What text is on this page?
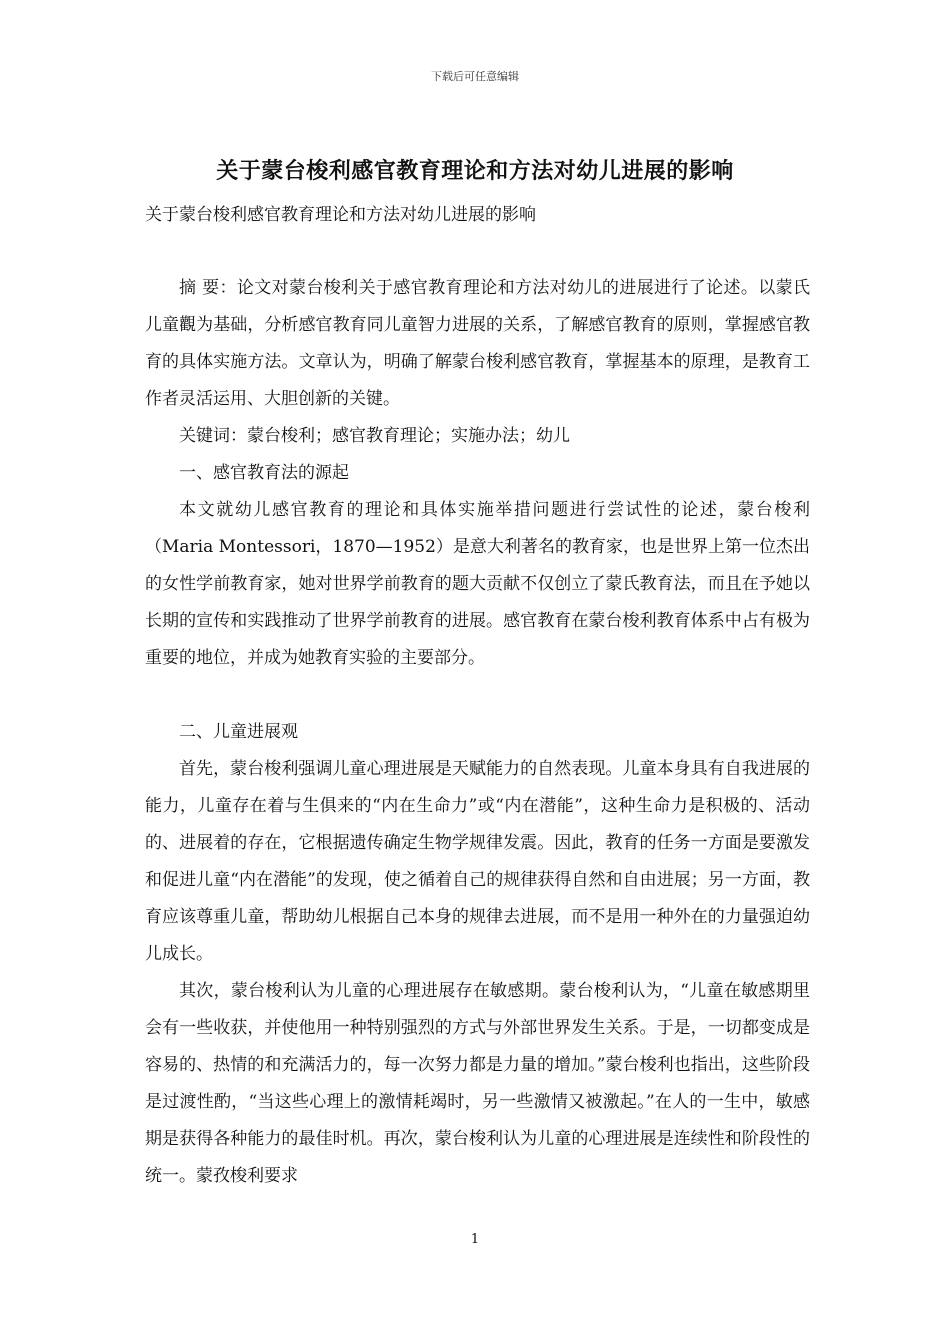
下载后可任意编辑
关于蒙台梭利感官教育理论和方法对幼儿进展的影响
关于蒙台梭利感官教育理论和方法对幼儿进展的影响

摘 要：论文对蒙台梭利关于感官教育理论和方法对幼儿的进展进行了论述。以蒙氏儿童觀为基础，分析感官教育同儿童智力进展的关系，了解感官教育的原则，掌握感官教育的具体实施方法。文章认为，明确了解蒙台梭利感官教育，掌握基本的原理，是教育工作者灵活运用、大胆创新的关键。

关键词：蒙台梭利；感官教育理论；实施办法；幼儿

一、感官教育法的源起

本文就幼儿感官教育的理论和具体实施举措问题进行尝试性的论述，蒙台梭利（Maria Montessori，1870—1952）是意大利著名的教育家，也是世界上第一位杰出的女性学前教育家，她对世界学前教育的题大贡献不仅创立了蒙氏教育法，而且在予她以长期的宣传和实践推动了世界学前教育的进展。感官教育在蒙台梭利教育体系中占有极为重要的地位，并成为她教育实验的主要部分。

二、儿童进展观

首先，蒙台梭利强调儿童心理进展是天赋能力的自然表现。儿童本身具有自我进展的能力，儿童存在着与生俱来的“内在生命力”或“内在潜能”，这种生命力是积极的、活动的、进展着的存在，它根据遗传确定生物学规律发震。因此，教育的任务一方面是要激发和促进儿童“内在潜能”的发现，使之循着自己的规律获得自然和自由进展；另一方面，教育应该尊重儿童，帮助幼儿根据自己本身的规律去进展，而不是用一种外在的力量强迫幼儿成长。

其次，蒙台梭利认为儿童的心理进展存在敏感期。蒙台梭利认为，“儿童在敏感期里会有一些收获，并使他用一种特别强烈的方式与外部世界发生关系。于是，一切都变成是容易的、热情的和充满活力的，每一次努力都是力量的增加。”蒙台梭利也指出，这些阶段是过渡性酌，“当这些心理上的激情耗竭时，另一些激情又被激起。”在人的一生中，敏感期是获得各种能力的最佳时机。再次，蒙台梭利认为儿童的心理进展是连续性和阶段性的统一。蒙孜梭利要求

1
